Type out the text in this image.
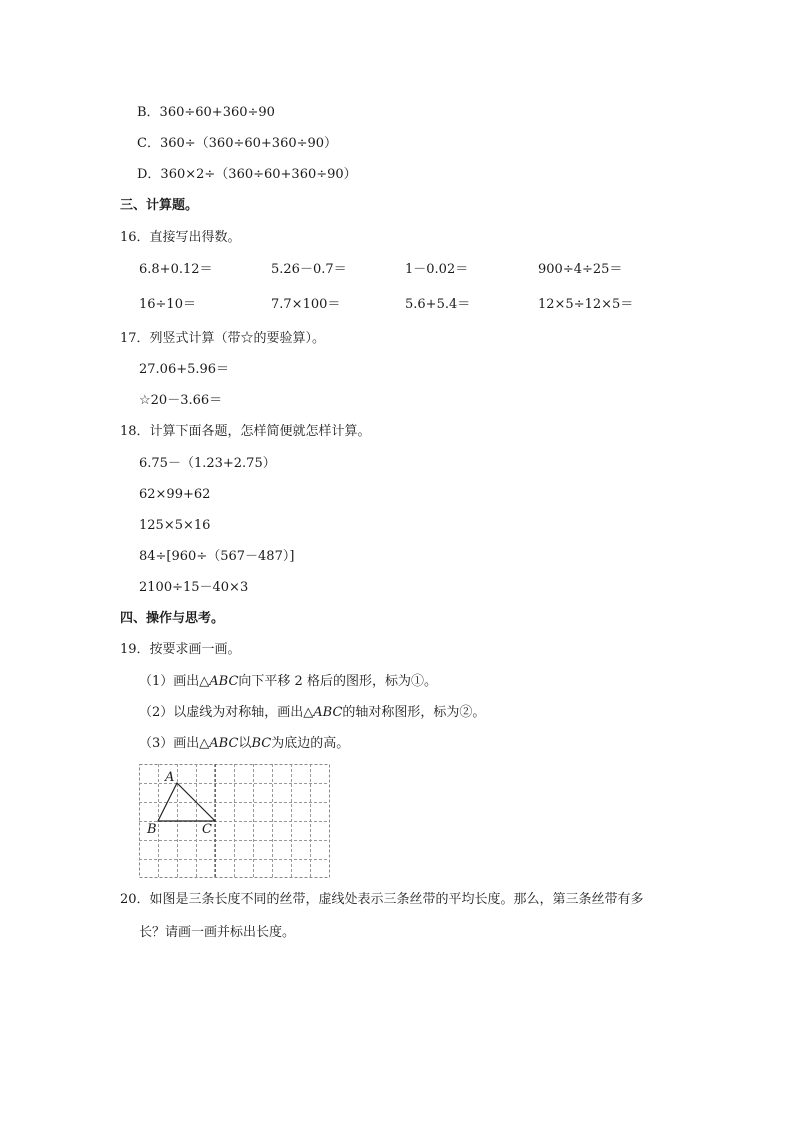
B．360÷60+360÷90
C．360÷（360÷60+360÷90）
D．360×2÷（360÷60+360÷90）
三、计算题。
16．直接写出得数。
6.8+0.12＝	5.26－0.7＝	1－0.02＝	900÷4÷25＝
16÷10＝	7.7×100＝	5.6+5.4＝	12×5÷12×5＝
17．列竖式计算（带☆的要验算）。
27.06+5.96＝
☆20－3.66＝
18．计算下面各题，怎样简便就怎样计算。
6.75－（1.23+2.75）
62×99+62
125×5×16
84÷[960÷（567－487）]
2100÷15－40×3
四、操作与思考。
19．按要求画一画。
（1）画出△ABC向下平移 2 格后的图形，标为①。
（2）以虚线为对称轴，画出△ABC的轴对称图形，标为②。
（3）画出△ABC以BC为底边的高。
A
B	C
20．如图是三条长度不同的丝带，虚线处表示三条丝带的平均长度。那么，第三条丝带有多
长？请画一画并标出长度。
